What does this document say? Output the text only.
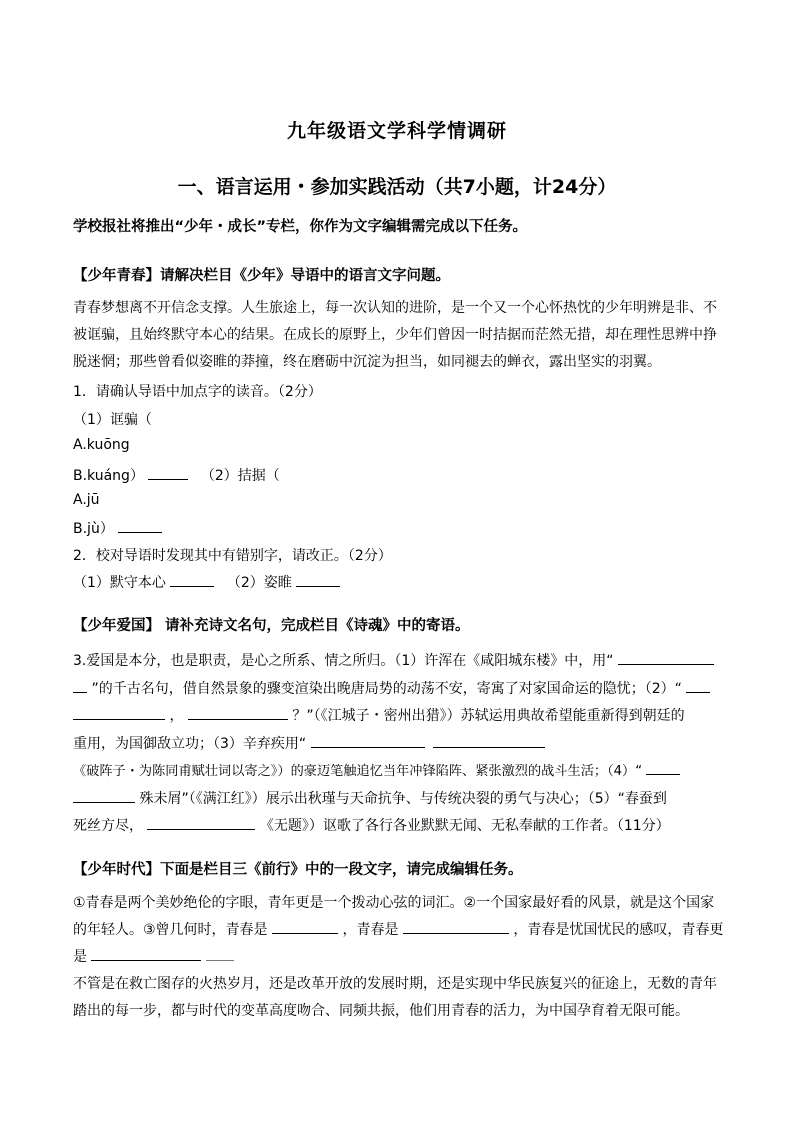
九年级语文学科学情调研
一、语言运用・参加实践活动（共7小题，计24分）
学校报社将推出“少年・成长”专栏，你作为文字编辑需完成以下任务。
【少年青春】请解决栏目《少年》导语中的语言文字问题。
青春梦想离不开信念支撑。人生旅途上，每一次认知的进阶，是一个又一个心怀热忱的少年明辨是非、不
被诓骗，且始终默守本心的结果。在成长的原野上，少年们曾因一时拮据而茫然无措，却在理性思辨中挣
脱迷惘；那些曾看似姿睢的莽撞，终在磨砺中沉淀为担当，如同褪去的蝉衣，露出坚实的羽翼。
1．请确认导语中加点字的读音。（2分）
（1）诓骗（
A.kuōng
B.kuáng）	（2）拮据（
A.jū
B.jù）
2．校对导语时发现其中有错别字，请改正。（2分）
（1）默守本心	（2）姿睢
【少年爱国】 请补充诗文名句，完成栏目《诗魂》中的寄语。
3.爱国是本分，也是职责，是心之所系、情之所归。（1）许浑在《咸阳城东楼》中，用“
”的千古名句，借自然景象的骤变渲染出晚唐局势的动荡不安，寄寓了对家国命运的隐忧；（2）“
，	？”（《江城子・密州出猎》）苏轼运用典故希望能重新得到朝廷的
重用，为国御敌立功；（3）辛弃疾用“
《破阵子・为陈同甫赋壮词以寄之》）的豪迈笔触追忆当年冲锋陷阵、紧张激烈的战斗生活；（4）“
殊未屑”（《满江红》）展示出秋瑾与天命抗争、与传统决裂的勇气与决心；（5）“春蚕到
死丝方尽，	《无题》）讴歌了各行各业默默无闻、无私奉献的工作者。（11分）
【少年时代】下面是栏目三《前行》中的一段文字，请完成编辑任务。
①青春是两个美妙绝伦的字眼，青年更是一个拨动心弦的词汇。②一个国家最好看的风景，就是这个国家
的年轻人。③曾几何时，青春是	，青春是	，青春是忧国忧民的感叹，青春更
是
不管是在救亡图存的火热岁月，还是改革开放的发展时期，还是实现中华民族复兴的征途上，无数的青年
踏出的每一步，都与时代的变革高度吻合、同频共振，他们用青春的活力，为中国孕育着无限可能。
